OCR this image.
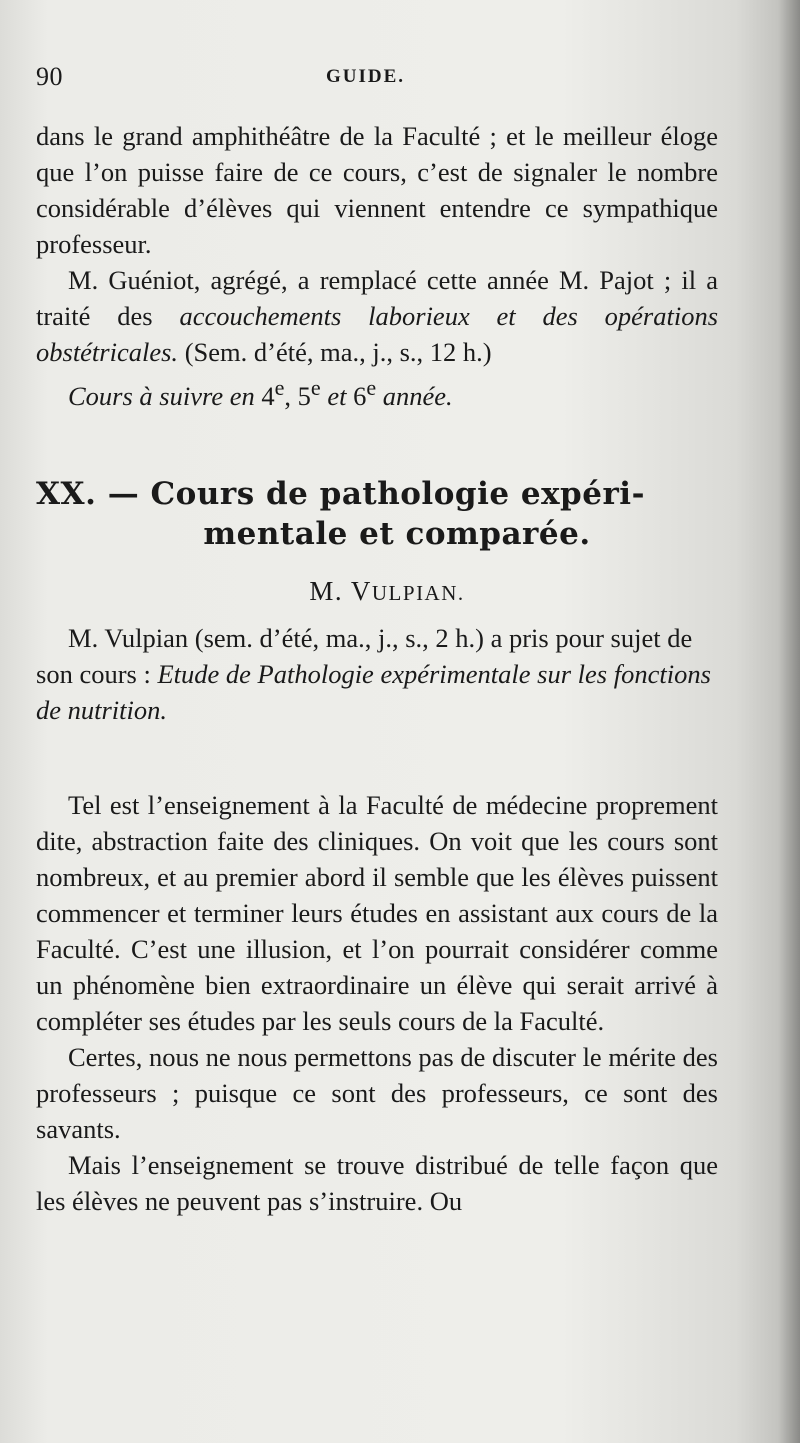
90	GUIDE.

dans le grand amphithéâtre de la Faculté ; et le meilleur éloge que l’on puisse faire de ce cours, c’est de signaler le nombre considérable d’élèves qui viennent entendre ce sympathique professeur.

M. Guéniot, agrégé, a remplacé cette année M. Pajot ; il a traité des accouchements laborieux et des opérations obstétricales. (Sem. d’été, ma., j., s., 12 h.)

Cours à suivre en 4e, 5e et 6e année.

XX. — Cours de pathologie expéri-
mentale et comparée.
M. VULPIAN.

M. Vulpian (sem. d’été, ma., j., s., 2 h.) a pris pour sujet de son cours : Etude de Pathologie expérimentale sur les fonctions de nutrition.

Tel est l’enseignement à la Faculté de médecine proprement dite, abstraction faite des cliniques. On voit que les cours sont nombreux, et au premier abord il semble que les élèves puissent commencer et terminer leurs études en assistant aux cours de la Faculté. C’est une illusion, et l’on pourrait considérer comme un phénomène bien extraordinaire un élève qui serait arrivé à compléter ses études par les seuls cours de la Faculté.

Certes, nous ne nous permettons pas de discuter le mérite des professeurs ; puisque ce sont des professeurs, ce sont des savants.

Mais l’enseignement se trouve distribué de telle façon que les élèves ne peuvent pas s’instruire. Ou
